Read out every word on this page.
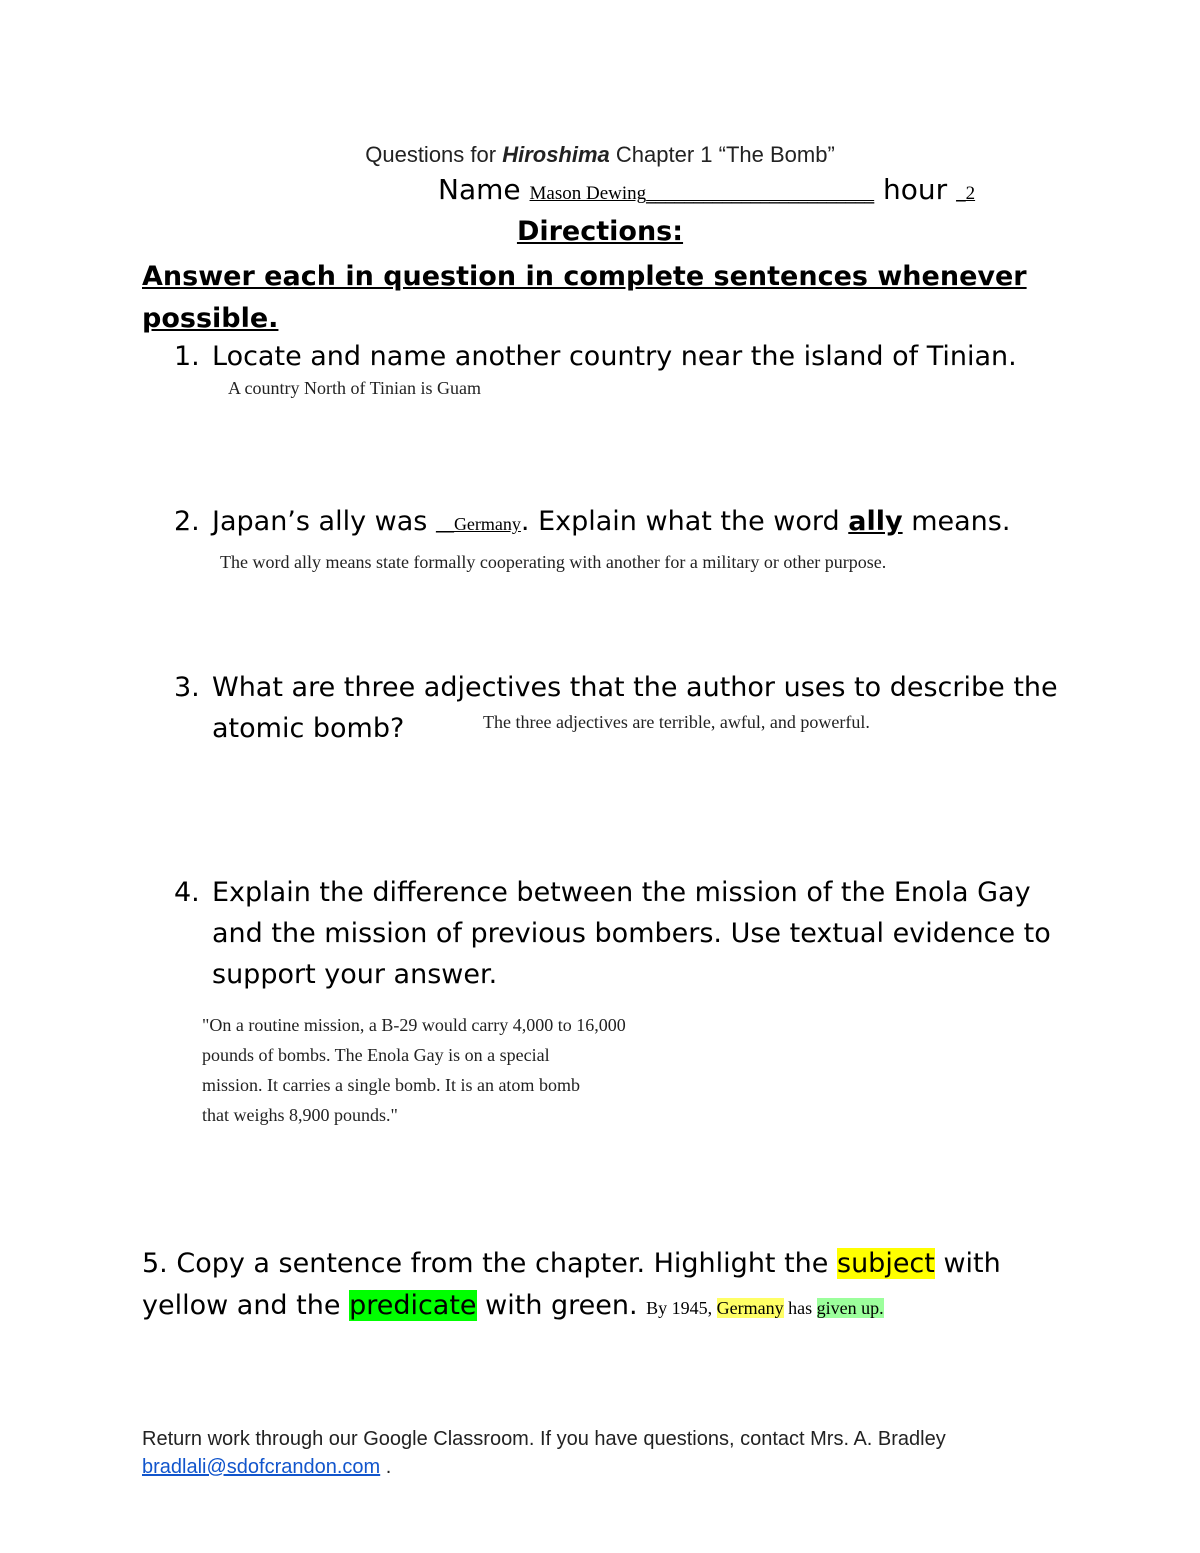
Questions for Hiroshima Chapter 1 “The Bomb”
Name Mason Dewing________________________ hour _2
Directions:
Answer each in question in complete sentences whenever possible.
1. Locate and name another country near the island of Tinian.
A country North of Tinian is Guam
2. Japan’s ally was __Germany. Explain what the word ally means.
The word ally means state formally cooperating with another for a military or other purpose.
3. What are three adjectives that the author uses to describe the atomic bomb?	The three adjectives are terrible, awful, and powerful.
4. Explain the difference between the mission of the Enola Gay and the mission of previous bombers. Use textual evidence to support your answer.
"On a routine mission, a B-29 would carry 4,000 to 16,000
pounds of bombs. The Enola Gay is on a special
mission. It carries a single bomb. It is an atom bomb
that weighs 8,900 pounds."
5. Copy a sentence from the chapter. Highlight the subject with yellow and the predicate with green. By 1945, Germany has given up.
Return work through our Google Classroom. If you have questions, contact Mrs. A. Bradley
bradlali@sdofcrandon.com .
